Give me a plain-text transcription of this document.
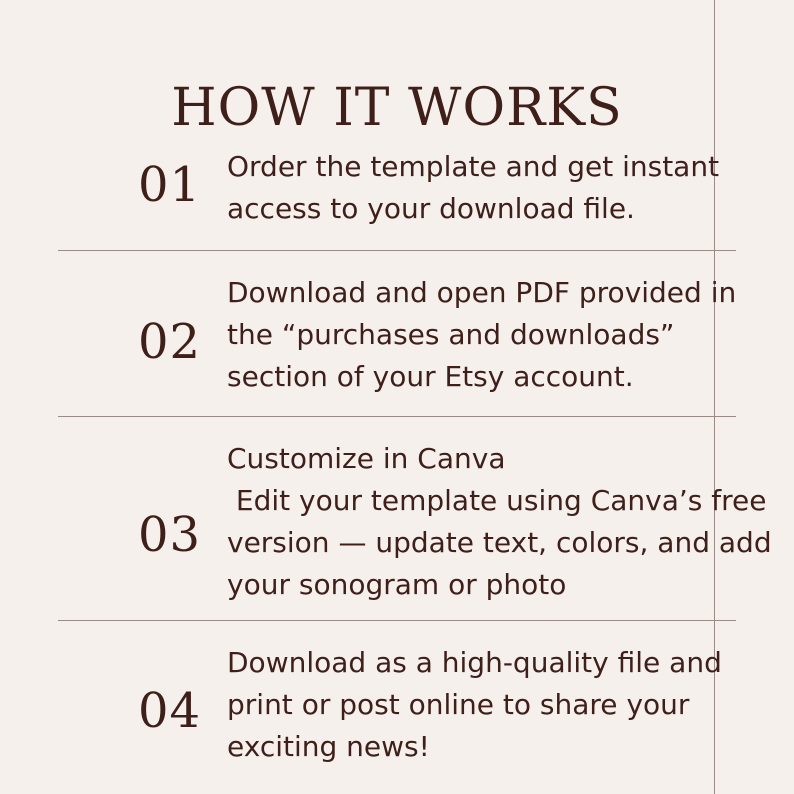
HOW IT WORKS
01 Order the template and get instant
access to your download file.
02
Download and open PDF provided in
the “purchases and downloads”
section of your Etsy account.
03
Customize in Canva
Edit your template using Canva’s free
version — update text, colors, and add
your sonogram or photo
04
Download as a high-quality file and
print or post online to share your
exciting news!
